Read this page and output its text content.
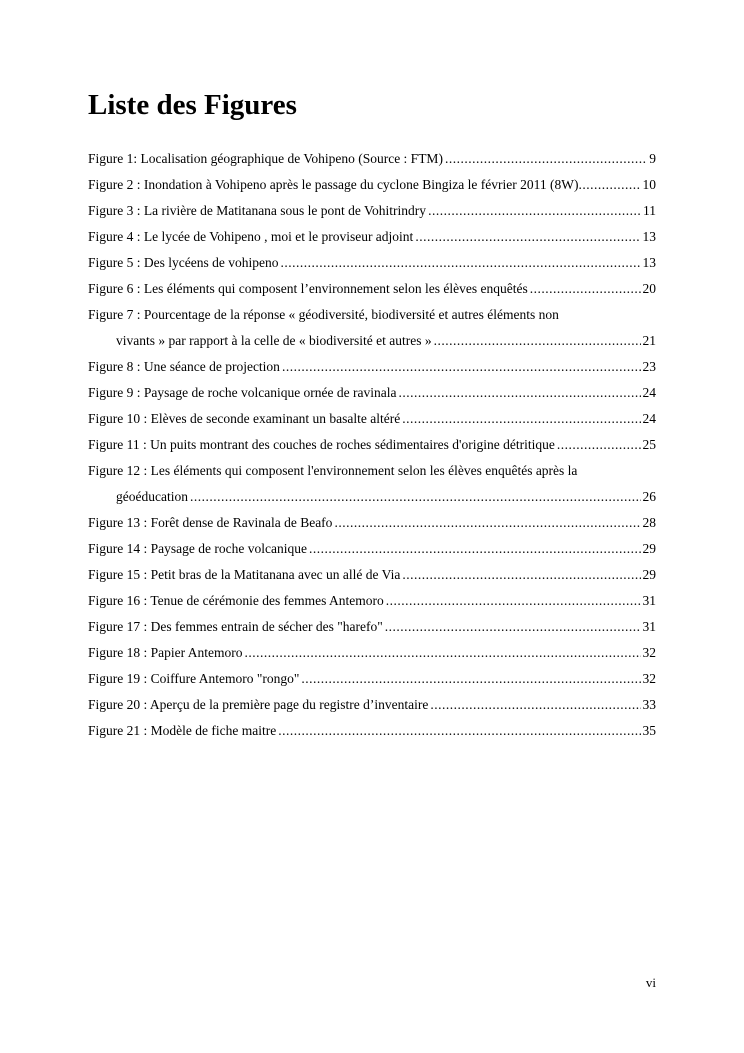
Liste des Figures
Figure 1: Localisation géographique de Vohipeno (Source : FTM) .....	9
Figure 2 : Inondation à Vohipeno après le passage du cyclone Bingiza le février 2011 (8W) .....	10
Figure 3 : La rivière de Matitanana sous le pont de Vohitrindry .....	11
Figure 4 : Le lycée de Vohipeno , moi et le proviseur adjoint .....	13
Figure 5 : Des lycéens de vohipeno .....	13
Figure 6 : Les éléments qui composent l’environnement selon les élèves enquêtés .....	20
Figure 7 : Pourcentage de la réponse « géodiversité, biodiversité et autres éléments non
vivants » par rapport à la celle de « biodiversité et autres » .....	21
Figure 8 : Une séance de projection .....	23
Figure 9 : Paysage de roche volcanique ornée de ravinala .....	24
Figure 10 : Elèves de seconde examinant un basalte altéré .....	24
Figure 11 : Un puits montrant des couches de roches sédimentaires d'origine détritique .....	25
Figure 12 : Les éléments qui composent l'environnement selon les élèves enquêtés après la
géoéducation .....	26
Figure 13 : Forêt dense de Ravinala de Beafo .....	28
Figure 14 : Paysage de roche volcanique .....	29
Figure 15 : Petit bras de la Matitanana avec un allé de Via .....	29
Figure 16 : Tenue de cérémonie des femmes Antemoro .....	31
Figure 17 : Des femmes entrain de sécher des "harefo" .....	31
Figure 18 : Papier Antemoro .....	32
Figure 19 : Coiffure Antemoro "rongo" .....	32
Figure 20 : Aperçu de la première page du registre d’inventaire .....	33
Figure 21 : Modèle de fiche maitre .....	35
vi
